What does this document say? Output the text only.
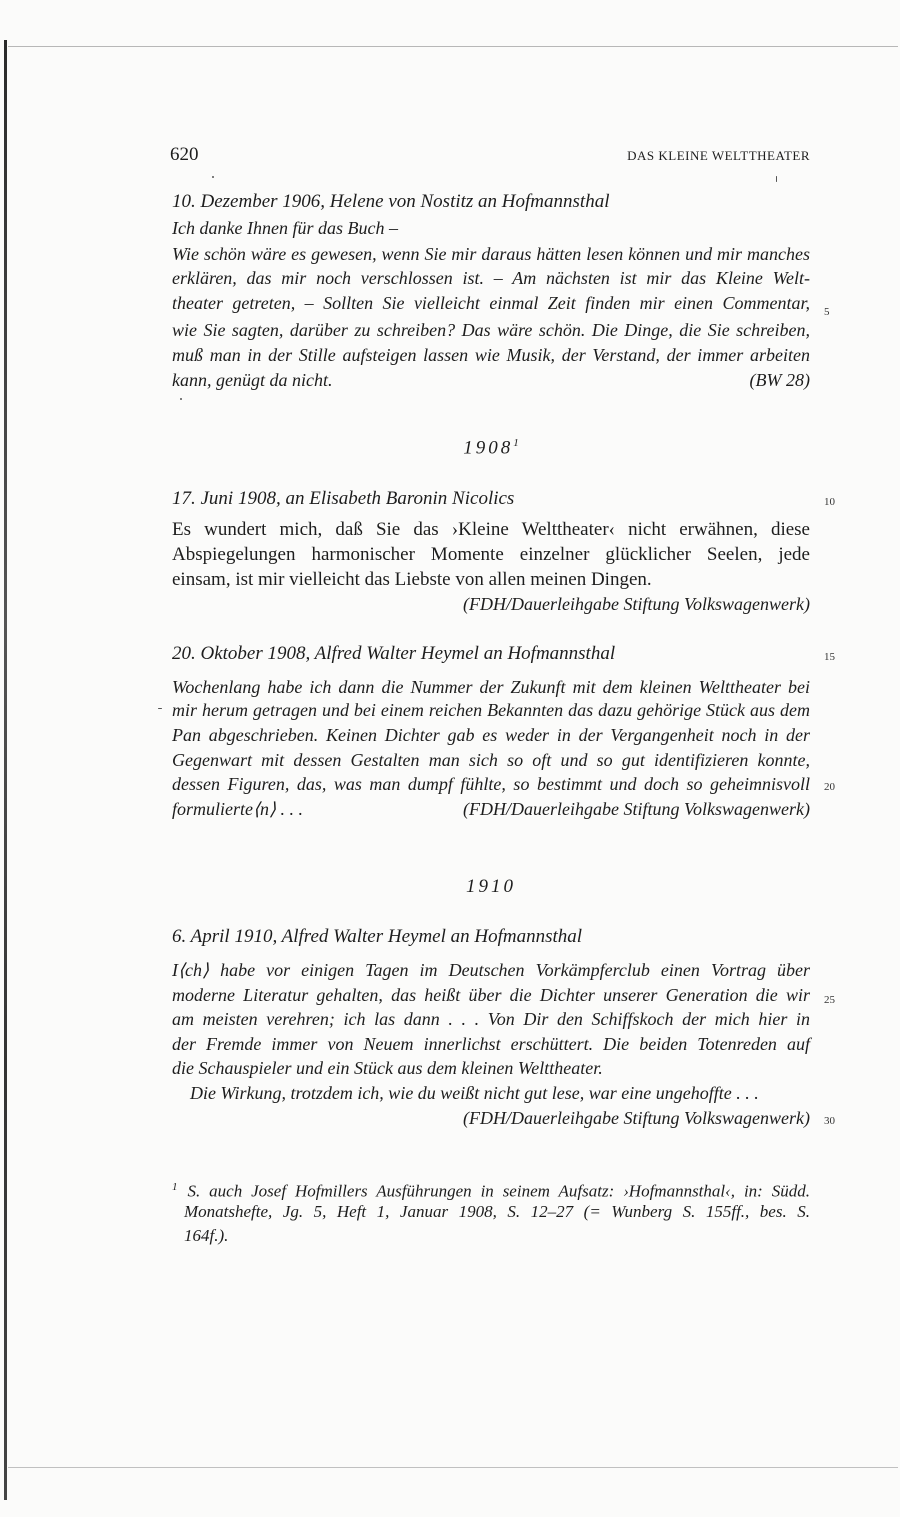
620	DAS KLEINE WELTTHEATER
10. Dezember 1906, Helene von Nostitz an Hofmannsthal
Ich danke Ihnen für das Buch –
Wie schön wäre es gewesen, wenn Sie mir daraus hätten lesen können und mir manches
erklären, das mir noch verschlossen ist. – Am nächsten ist mir das Kleine Welt-
theater getreten, – Sollten Sie vielleicht einmal Zeit finden mir einen Commentar,
wie Sie sagten, darüber zu schreiben? Das wäre schön. Die Dinge, die Sie schreiben,
muß man in der Stille aufsteigen lassen wie Musik, der Verstand, der immer arbeiten
kann, genügt da nicht.	(BW 28)
1908$^1$
17. Juni 1908, an Elisabeth Baronin Nicolics
Es wundert mich, daß Sie das ›Kleine Welttheater‹ nicht erwähnen, diese
Abspiegelungen harmonischer Momente einzelner glücklicher Seelen, jede
einsam, ist mir vielleicht das Liebste von allen meinen Dingen.
(FDH/Dauerleihgabe Stiftung Volkswagenwerk)
20. Oktober 1908, Alfred Walter Heymel an Hofmannsthal
Wochenlang habe ich dann die Nummer der Zukunft mit dem kleinen Welttheater bei
mir herum getragen und bei einem reichen Bekannten das dazu gehörige Stück aus dem
Pan abgeschrieben. Keinen Dichter gab es weder in der Vergangenheit noch in der
Gegenwart mit dessen Gestalten man sich so oft und so gut identifizieren konnte,
dessen Figuren, das, was man dumpf fühlte, so bestimmt und doch so geheimnisvoll
formulierte⟨n⟩ . . .	(FDH/Dauerleihgabe Stiftung Volkswagenwerk)
1910
6. April 1910, Alfred Walter Heymel an Hofmannsthal
I⟨ch⟩ habe vor einigen Tagen im Deutschen Vorkämpferclub einen Vortrag über
moderne Literatur gehalten, das heißt über die Dichter unserer Generation die wir
am meisten verehren; ich las dann . . . Von Dir den Schiffskoch der mich hier in
der Fremde immer von Neuem innerlichst erschüttert. Die beiden Totenreden auf
die Schauspieler und ein Stück aus dem kleinen Welttheater.
Die Wirkung, trotzdem ich, wie du weißt nicht gut lese, war eine ungehoffte . . .
(FDH/Dauerleihgabe Stiftung Volkswagenwerk)
5
10
15
20
25
30
$^1$ S. auch Josef Hofmillers Ausführungen in seinem Aufsatz: ›Hofmannsthal‹, in: Südd.
Monatshefte, Jg. 5, Heft 1, Januar 1908, S. 12–27 (= Wunberg S. 155ff., bes. S.
164f.).
